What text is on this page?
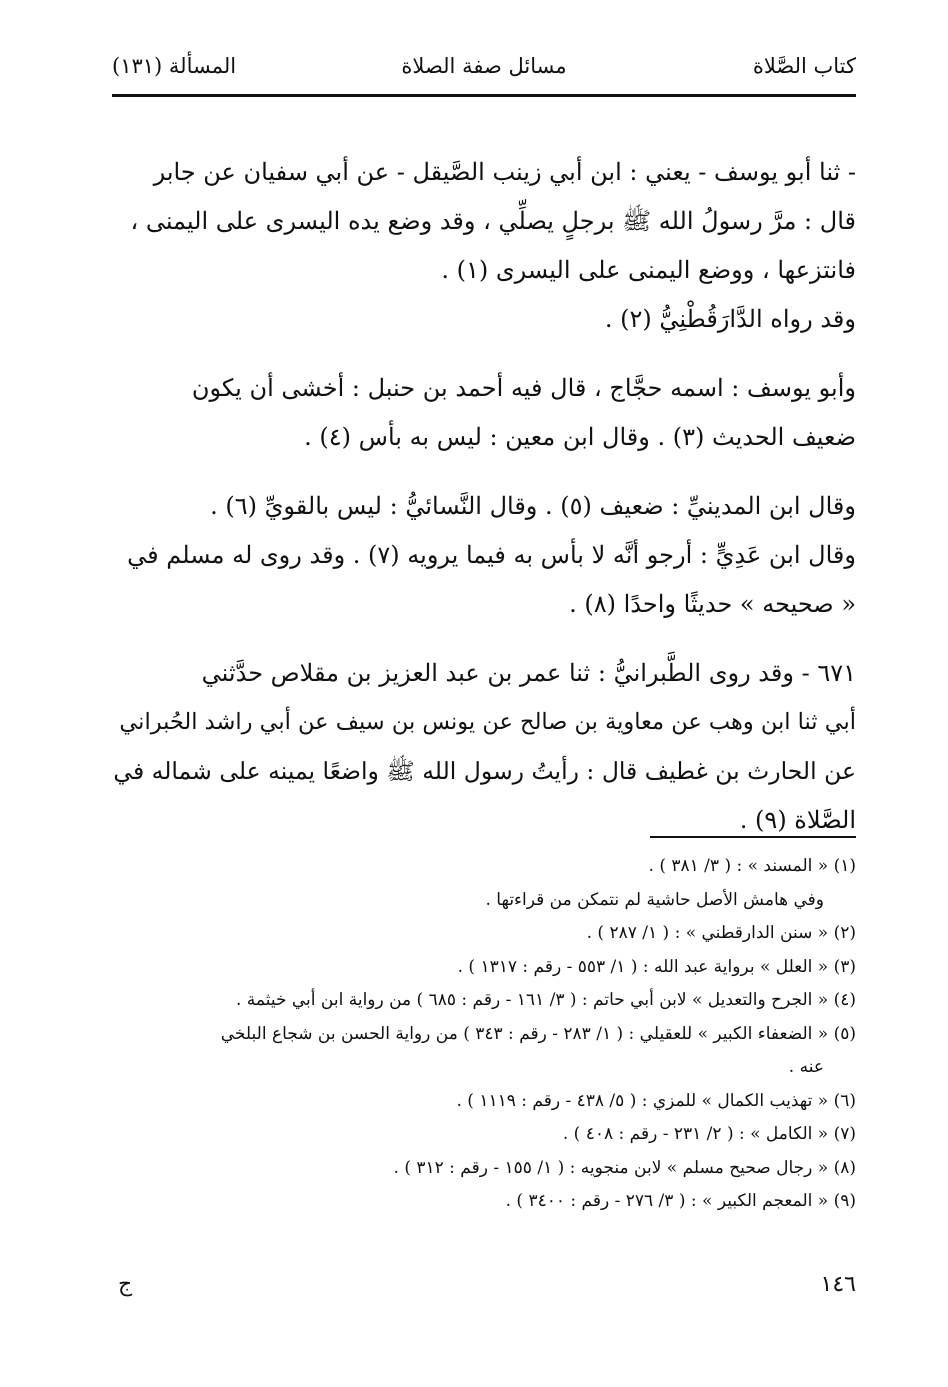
كتاب الصَّلاة
مسائل صفة الصلاة
المسألة (١٣١)

- ثنا أبو يوسف - يعني : ابن أبي زينب الصَّيقل - عن أبي سفيان عن جابر
قال : مرَّ رسولُ الله ﷺ برجلٍ يصلِّي ، وقد وضع يده اليسرى على اليمنى ،
فانتزعها ، ووضع اليمنى على اليسرى (١) .

وقد رواه الدَّارَقُطْنِيُّ (٢) .

وأبو يوسف : اسمه حجَّاج ، قال فيه أحمد بن حنبل : أخشى أن يكون
ضعيف الحديث (٣) . وقال ابن معين : ليس به بأس (٤) .

وقال ابن المدينيِّ : ضعيف (٥) . وقال النَّسائيُّ : ليس بالقويِّ (٦) .
وقال ابن عَدِيٍّ : أرجو أنَّه لا بأس به فيما يرويه (٧) . وقد روى له مسلم في
« صحيحه » حديثًا واحدًا (٨) .

٦٧١ - وقد روى الطَّبرانيُّ : ثنا عمر بن عبد العزيز بن مقلاص حدَّثني
أبي ثنا ابن وهب عن معاوية بن صالح عن يونس بن سيف عن أبي راشد الحُبراني
عن الحارث بن غطيف قال : رأيتُ رسول الله ﷺ واضعًا يمينه على شماله في
الصَّلاة (٩) .

(١) « المسند » : ( ٣/ ٣٨١ ) .
وفي هامش الأصل حاشية لم نتمكن من قراءتها .
(٢) « سنن الدارقطني » : ( ١/ ٢٨٧ ) .
(٣) « العلل » برواية عبد الله : ( ١/ ٥٥٣ - رقم : ١٣١٧ ) .
(٤) « الجرح والتعديل » لابن أبي حاتم : ( ٣/ ١٦١ - رقم : ٦٨٥ ) من رواية ابن أبي خيثمة .
(٥) « الضعفاء الكبير » للعقيلي : ( ١/ ٢٨٣ - رقم : ٣٤٣ ) من رواية الحسن بن شجاع البلخي
عنه .
(٦) « تهذيب الكمال » للمزي : ( ٥/ ٤٣٨ - رقم : ١١١٩ ) .
(٧) « الكامل » : ( ٢/ ٢٣١ - رقم : ٤٠٨ ) .
(٨) « رجال صحيح مسلم » لابن منجويه : ( ١/ ١٥٥ - رقم : ٣١٢ ) .
(٩) « المعجم الكبير » : ( ٣/ ٢٧٦ - رقم : ٣٤٠٠ ) .
١٤٦
ج
